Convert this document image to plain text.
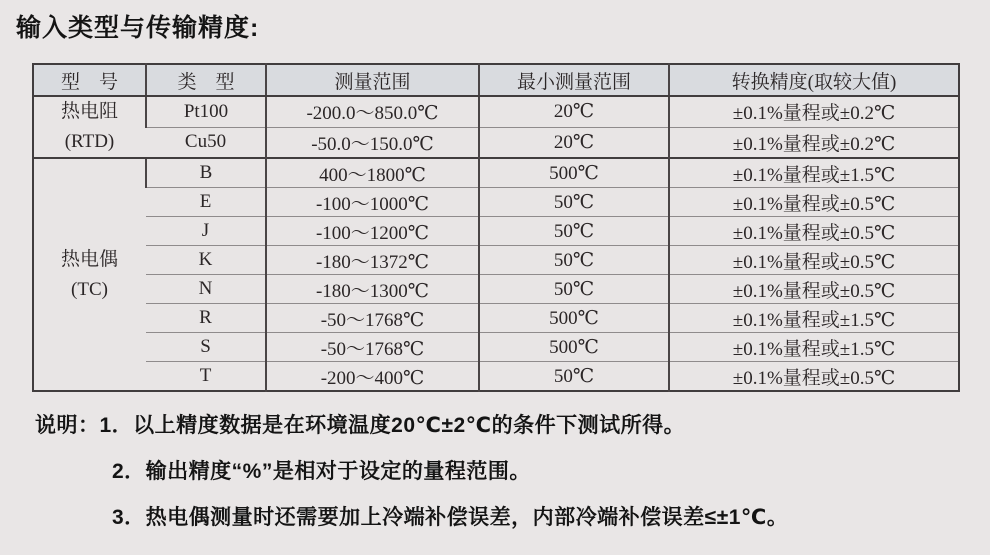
输入类型与传输精度:
型　号	类　型	测量范围	最小测量范围	转换精度(取较大值)

热电阻
(RTD)	Pt100	-200.0～850.0℃	20℃	±0.1%量程或±0.2℃
	Cu50	-50.0～150.0℃	20℃	±0.1%量程或±0.2℃

热电偶
(TC)	B	400～1800℃	500℃	±0.1%量程或±1.5℃
	E	-100～1000℃	50℃	±0.1%量程或±0.5℃
	J	-100～1200℃	50℃	±0.1%量程或±0.5℃
	K	-180～1372℃	50℃	±0.1%量程或±0.5℃
	N	-180～1300℃	50℃	±0.1%量程或±0.5℃
	R	-50～1768℃	500℃	±0.1%量程或±1.5℃
	S	-50～1768℃	500℃	±0.1%量程或±1.5℃
	T	-200～400℃	50℃	±0.1%量程或±0.5℃
说明：1．以上精度数据是在环境温度20℃±2℃的条件下测试所得。
2．输出精度“%”是相对于设定的量程范围。
3．热电偶测量时还需要加上冷端补偿误差，内部冷端补偿误差≤±1℃。
